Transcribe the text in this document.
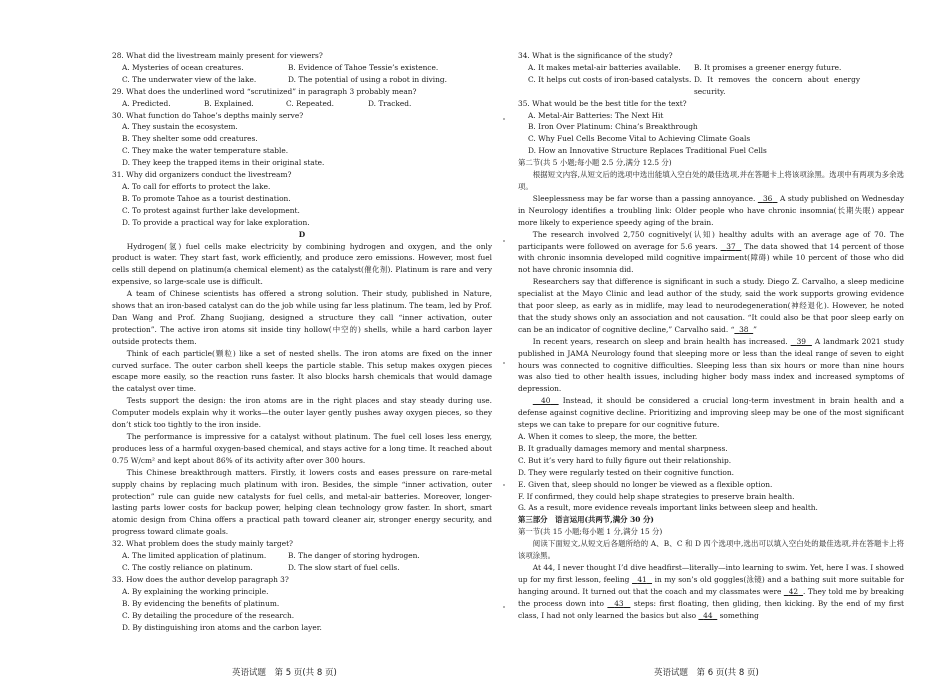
28. What did the livestream mainly present for viewers?

A. Mysteries of ocean creatures.	B. Evidence of Tahoe Tessie’s existence.
C. The underwater view of the lake.	D. The potential of using a robot in diving.

29. What does the underlined word “scrutinized” in paragraph 3 probably mean?

A. Predicted.	B. Explained.	C. Repeated.	D. Tracked.

30. What function do Tahoe’s depths mainly serve?

A. They sustain the ecosystem.

B. They shelter some odd creatures.

C. They make the water temperature stable.

D. They keep the trapped items in their original state.

31. Why did organizers conduct the livestream?

A. To call for efforts to protect the lake.

B. To promote Tahoe as a tourist destination.

C. To protest against further lake development.

D. To provide a practical way for lake exploration.

D

Hydrogen(氢) fuel cells make electricity by combining hydrogen and oxygen, and the only product is water. They start fast, work efficiently, and produce zero emissions. However, most fuel cells still depend on platinum(a chemical element) as the catalyst(催化剂). Platinum is rare and very expensive, so large-scale use is difficult.

A team of Chinese scientists has offered a strong solution. Their study, published in Nature, shows that an iron-based catalyst can do the job while using far less platinum. The team, led by Prof. Dan Wang and Prof. Zhang Suojiang, designed a structure they call “inner activation, outer protection”. The active iron atoms sit inside tiny hollow(中空的) shells, while a hard carbon layer outside protects them.

Think of each particle(颗粒) like a set of nested shells. The iron atoms are fixed on the inner curved surface. The outer carbon shell keeps the particle stable. This setup makes oxygen pieces escape more easily, so the reaction runs faster. It also blocks harsh chemicals that would damage the catalyst over time.

Tests support the design: the iron atoms are in the right places and stay steady during use. Computer models explain why it works—the outer layer gently pushes away oxygen pieces, so they don’t stick too tightly to the iron inside.

The performance is impressive for a catalyst without platinum. The fuel cell loses less energy, produces less of a harmful oxygen-based chemical, and stays active for a long time. It reached about 0.75 W/cm² and kept about 86% of its activity after over 300 hours.

This Chinese breakthrough matters. Firstly, it lowers costs and eases pressure on rare-metal supply chains by replacing much platinum with iron. Besides, the simple “inner activation, outer protection” rule can guide new catalysts for fuel cells, and metal-air batteries. Moreover, longer-lasting parts lower costs for backup power, helping clean technology grow faster. In short, smart atomic design from China offers a practical path toward cleaner air, stronger energy security, and progress toward climate goals.

32. What problem does the study mainly target?

A. The limited application of platinum.	B. The danger of storing hydrogen.
C. The costly reliance on platinum.	D. The slow start of fuel cells.

33. How does the author develop paragraph 3?

A. By explaining the working principle.

B. By evidencing the benefits of platinum.

C. By detailing the procedure of the research.

D. By distinguishing iron atoms and the carbon layer.

34. What is the significance of the study?

A. It makes metal-air batteries available.	B. It promises a greener energy future.
C. It helps cut costs of iron-based catalysts. D. It removes the concern about energy security.

35. What would be the best title for the text?

A. Metal-Air Batteries: The Next Hit

B. Iron Over Platinum: China’s Breakthrough

C. Why Fuel Cells Become Vital to Achieving Climate Goals

D. How an Innovative Structure Replaces Traditional Fuel Cells

第二节(共 5 小题;每小题 2.5 分,满分 12.5 分)

根据短文内容,从短文后的选项中选出能填入空白处的最佳选项,并在答题卡上将该项涂黑。选项中有两项为多余选项。

Sleeplessness may be far worse than a passing annoyance. 36 A study published on Wednesday in Neurology identifies a troubling link: Older people who have chronic insomnia(长期失眠) appear more likely to experience speedy aging of the brain.

The research involved 2,750 cognitively(认知) healthy adults with an average age of 70. The participants were followed on average for 5.6 years. 37 The data showed that 14 percent of those with chronic insomnia developed mild cognitive impairment(障碍) while 10 percent of those who did not have chronic insomnia did.

Researchers say that difference is significant in such a study. Diego Z. Carvalho, a sleep medicine specialist at the Mayo Clinic and lead author of the study, said the work supports growing evidence that poor sleep, as early as in midlife, may lead to neurodegeneration(神经退化). However, he noted that the study shows only an association and not causation. “It could also be that poor sleep early on can be an indicator of cognitive decline,” Carvalho said. “ 38 ”

In recent years, research on sleep and brain health has increased. 39 A landmark 2021 study published in JAMA Neurology found that sleeping more or less than the ideal range of seven to eight hours was connected to cognitive difficulties. Sleeping less than six hours or more than nine hours was also tied to other health issues, including higher body mass index and increased symptoms of depression.

40 Instead, it should be considered a crucial long-term investment in brain health and a defense against cognitive decline. Prioritizing and improving sleep may be one of the most significant steps we can take to prepare for our cognitive future.

A. When it comes to sleep, the more, the better.

B. It gradually damages memory and mental sharpness.

C. But it’s very hard to fully figure out their relationship.

D. They were regularly tested on their cognitive function.

E. Given that, sleep should no longer be viewed as a flexible option.

F. If confirmed, they could help shape strategies to preserve brain health.

G. As a result, more evidence reveals important links between sleep and health.

第三部分　语言运用(共两节,满分 30 分)

第一节(共 15 小题;每小题 1 分,满分 15 分)

阅读下面短文,从短文后各题所给的 A、B、C 和 D 四个选项中,选出可以填入空白处的最佳选项,并在答题卡上将该项涂黑。

At 44, I never thought I’d dive headfirst—literally—into learning to swim. Yet, here I was. I showed up for my first lesson, feeling 41 in my son’s old goggles(泳镜) and a bathing suit more suitable for hanging around. It turned out that the coach and my classmates were 42 . They told me by breaking the process down into 43 steps: first floating, then gliding, then kicking. By the end of my first class, I had not only learned the basics but also 44 something

英语试题　第 5 页(共 8 页)	英语试题　第 6 页(共 8 页)
